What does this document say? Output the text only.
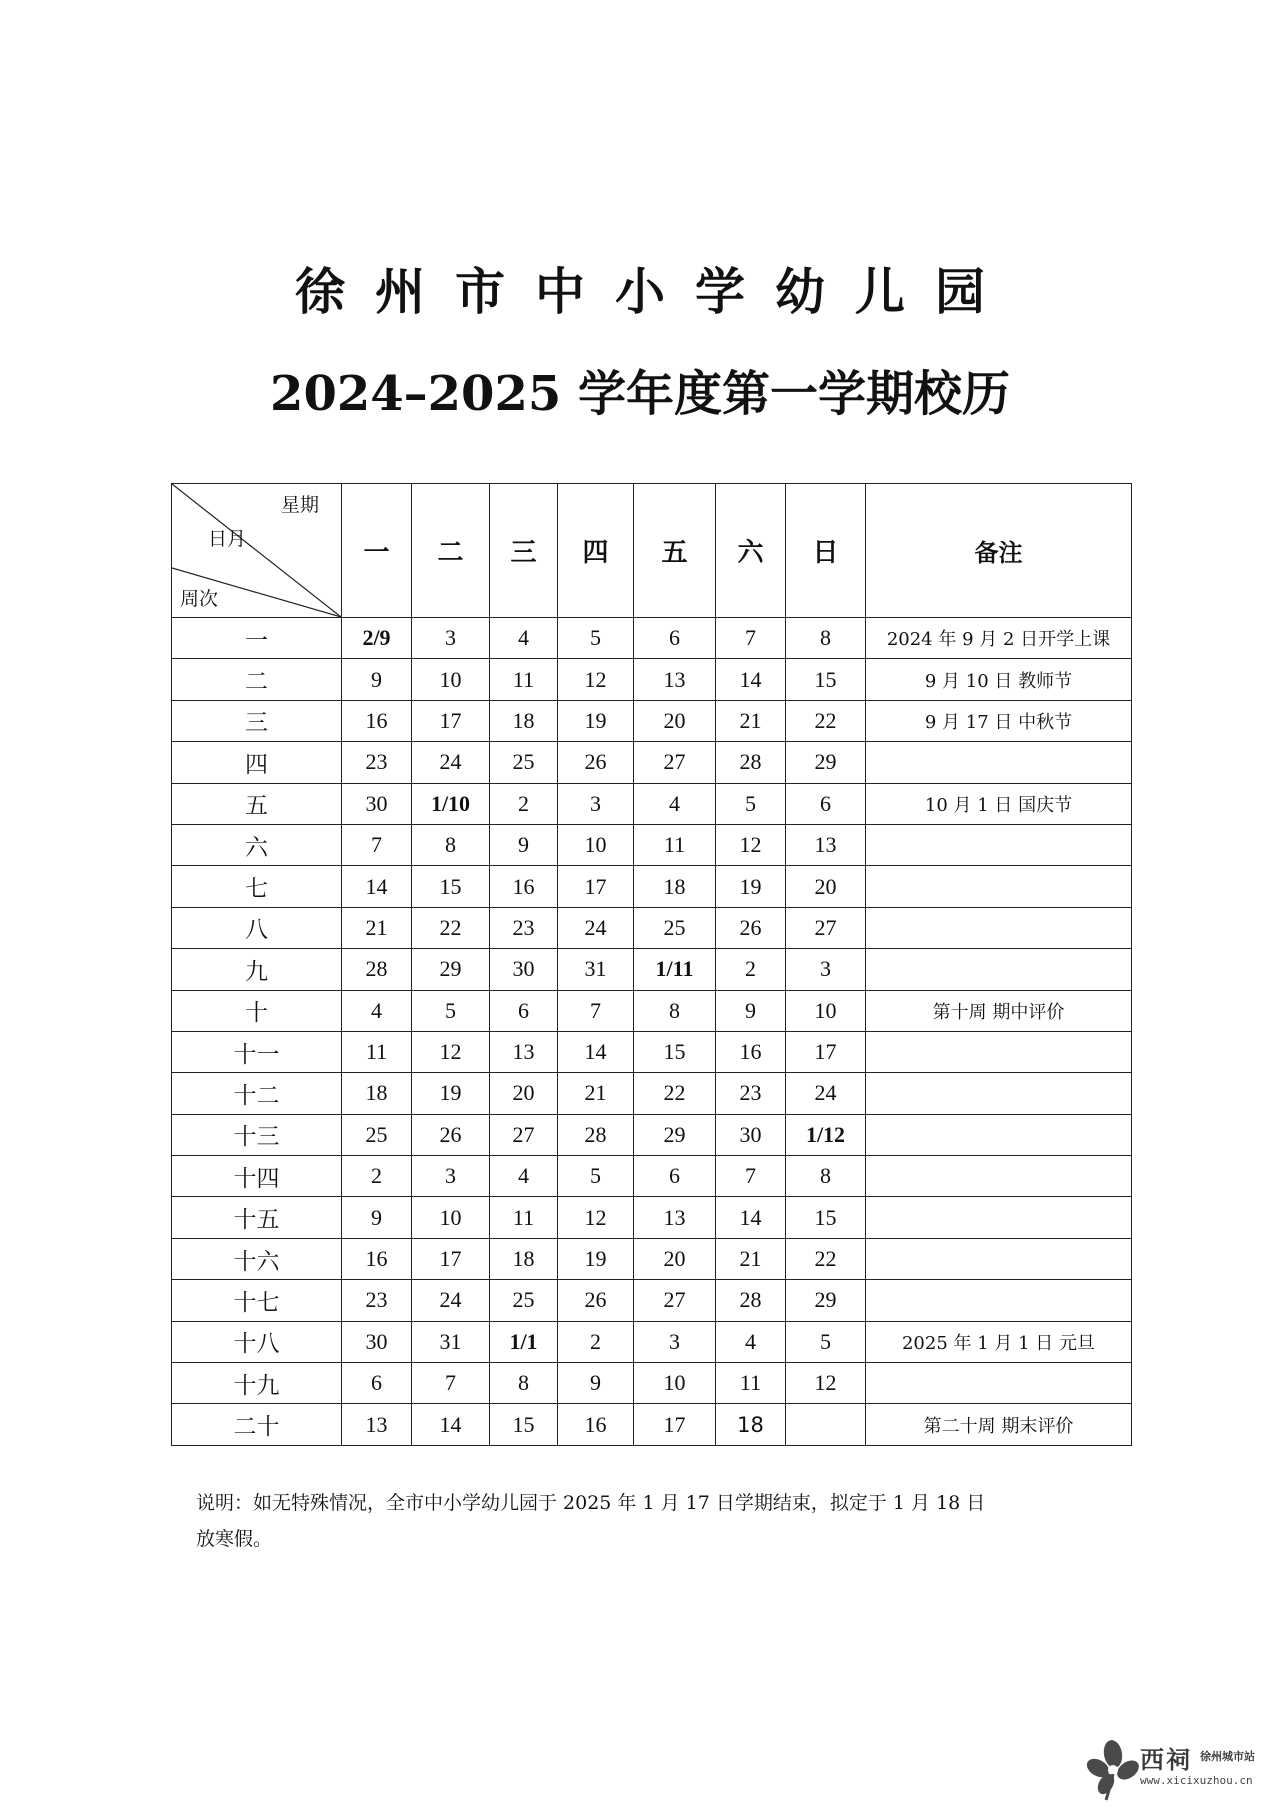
徐州市中小学幼儿园
2024–2025 学年度第一学期校历
星期
日月
周次	一	二	三	四	五	六	日	备注
一	2/9	3	4	5	6	7	8	2024 年 9 月 2 日开学上课
二	9	10	11	12	13	14	15	9 月 10 日 教师节
三	16	17	18	19	20	21	22	9 月 17 日 中秋节
四	23	24	25	26	27	28	29	
五	30	1/10	2	3	4	5	6	10 月 1 日 国庆节
六	7	8	9	10	11	12	13	
七	14	15	16	17	18	19	20	
八	21	22	23	24	25	26	27	
九	28	29	30	31	1/11	2	3	
十	4	5	6	7	8	9	10	第十周 期中评价
十一	11	12	13	14	15	16	17	
十二	18	19	20	21	22	23	24	
十三	25	26	27	28	29	30	1/12	
十四	2	3	4	5	6	7	8	
十五	9	10	11	12	13	14	15	
十六	16	17	18	19	20	21	22	
十七	23	24	25	26	27	28	29	
十八	30	31	1/1	2	3	4	5	2025 年 1 月 1 日 元旦
十九	6	7	8	9	10	11	12	
二十	13	14	15	16	17	18		第二十周 期末评价
说明：如无特殊情况，全市中小学幼儿园于 2025 年 1 月 17 日学期结束，拟定于 1 月 18 日
放寒假。
西祠 徐州城市站
www.xicixuzhou.cn
